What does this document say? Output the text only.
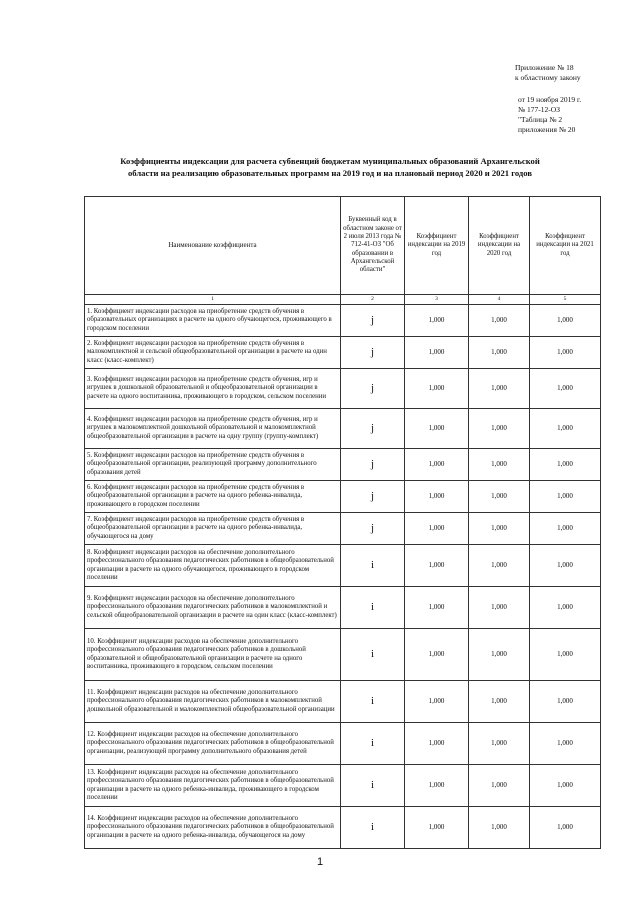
Приложение № 18
к областному закону
от 19 ноября 2019 г.
№ 177-12-ОЗ
"Таблица № 2
приложения № 20
Коэффициенты индексации для расчета субвенций бюджетам муниципальных образований Архангельской
области на реализацию образовательных программ на 2019 год и на плановый период 2020 и 2021 годов
Наименование коэффициента	Буквенный код в областном законе от 2 июля 2013 года № 712-41-ОЗ "Об образовании в Архангельской области"	Коэффициент индексации на 2019 год	Коэффициент индексации на 2020 год	Коэффициент индексации на 2021 год
1	2	3	4	5
1. Коэффициент индексации расходов на приобретение средств обучения в образовательных организациях в расчете на одного обучающегося, проживающего в городском поселении	j	1,000	1,000	1,000
2. Коэффициент индексации расходов на приобретение средств обучения в малокомплектной и сельской общеобразовательной организации в расчете на один класс (класс-комплект)	j	1,000	1,000	1,000
3. Коэффициент индексации расходов на приобретение средств обучения, игр и игрушек в дошкольной образовательной и общеобразовательной организации в расчете на одного воспитанника, проживающего в городском, сельском поселении	j	1,000	1,000	1,000
4. Коэффициент индексации расходов на приобретение средств обучения, игр и игрушек в малокомплектной дошкольной образовательной и малокомплектной общеобразовательной организации в расчете на одну группу (группу-комплект)	j	1,000	1,000	1,000
5. Коэффициент индексации расходов на приобретение средств обучения в общеобразовательной организации, реализующей программу дополнительного образования детей	j	1,000	1,000	1,000
6. Коэффициент индексации расходов на приобретение средств обучения в общеобразовательной организации в расчете на одного ребенка-инвалида, проживающего в городском поселении	j	1,000	1,000	1,000
7. Коэффициент индексации расходов на приобретение средств обучения в общеобразовательной организации в расчете на одного ребенка-инвалида, обучающегося на дому	j	1,000	1,000	1,000
8. Коэффициент индексации расходов на обеспечение дополнительного профессионального образования педагогических работников в общеобразовательной организации в расчете на одного обучающегося, проживающего в городском поселении	i	1,000	1,000	1,000
9. Коэффициент индексации расходов на обеспечение дополнительного профессионального образования педагогических работников в малокомплектной и сельской общеобразовательной организации в расчете на один класс (класс-комплект)	i	1,000	1,000	1,000
10. Коэффициент индексации расходов на обеспечение дополнительного профессионального образования педагогических работников в дошкольной образовательной и общеобразовательной организации в расчете на одного воспитанника, проживающего в городском, сельском поселении	i	1,000	1,000	1,000
11. Коэффициент индексации расходов на обеспечение дополнительного профессионального образования педагогических работников в малокомплектной дошкольной образовательной и малокомплектной общеобразовательной организации	i	1,000	1,000	1,000
12. Коэффициент индексации расходов на обеспечение дополнительного профессионального образования педагогических работников в общеобразовательной организации, реализующей программу дополнительного образования детей	i	1,000	1,000	1,000
13. Коэффициент индексации расходов на обеспечение дополнительного профессионального образования педагогических работников в общеобразовательной организации в расчете на одного ребенка-инвалида, проживающего в городском поселении	i	1,000	1,000	1,000
14. Коэффициент индексации расходов на обеспечение дополнительного профессионального образования педагогических работников в общеобразовательной организации в расчете на одного ребенка-инвалида, обучающегося на дому	i	1,000	1,000	1,000
1
